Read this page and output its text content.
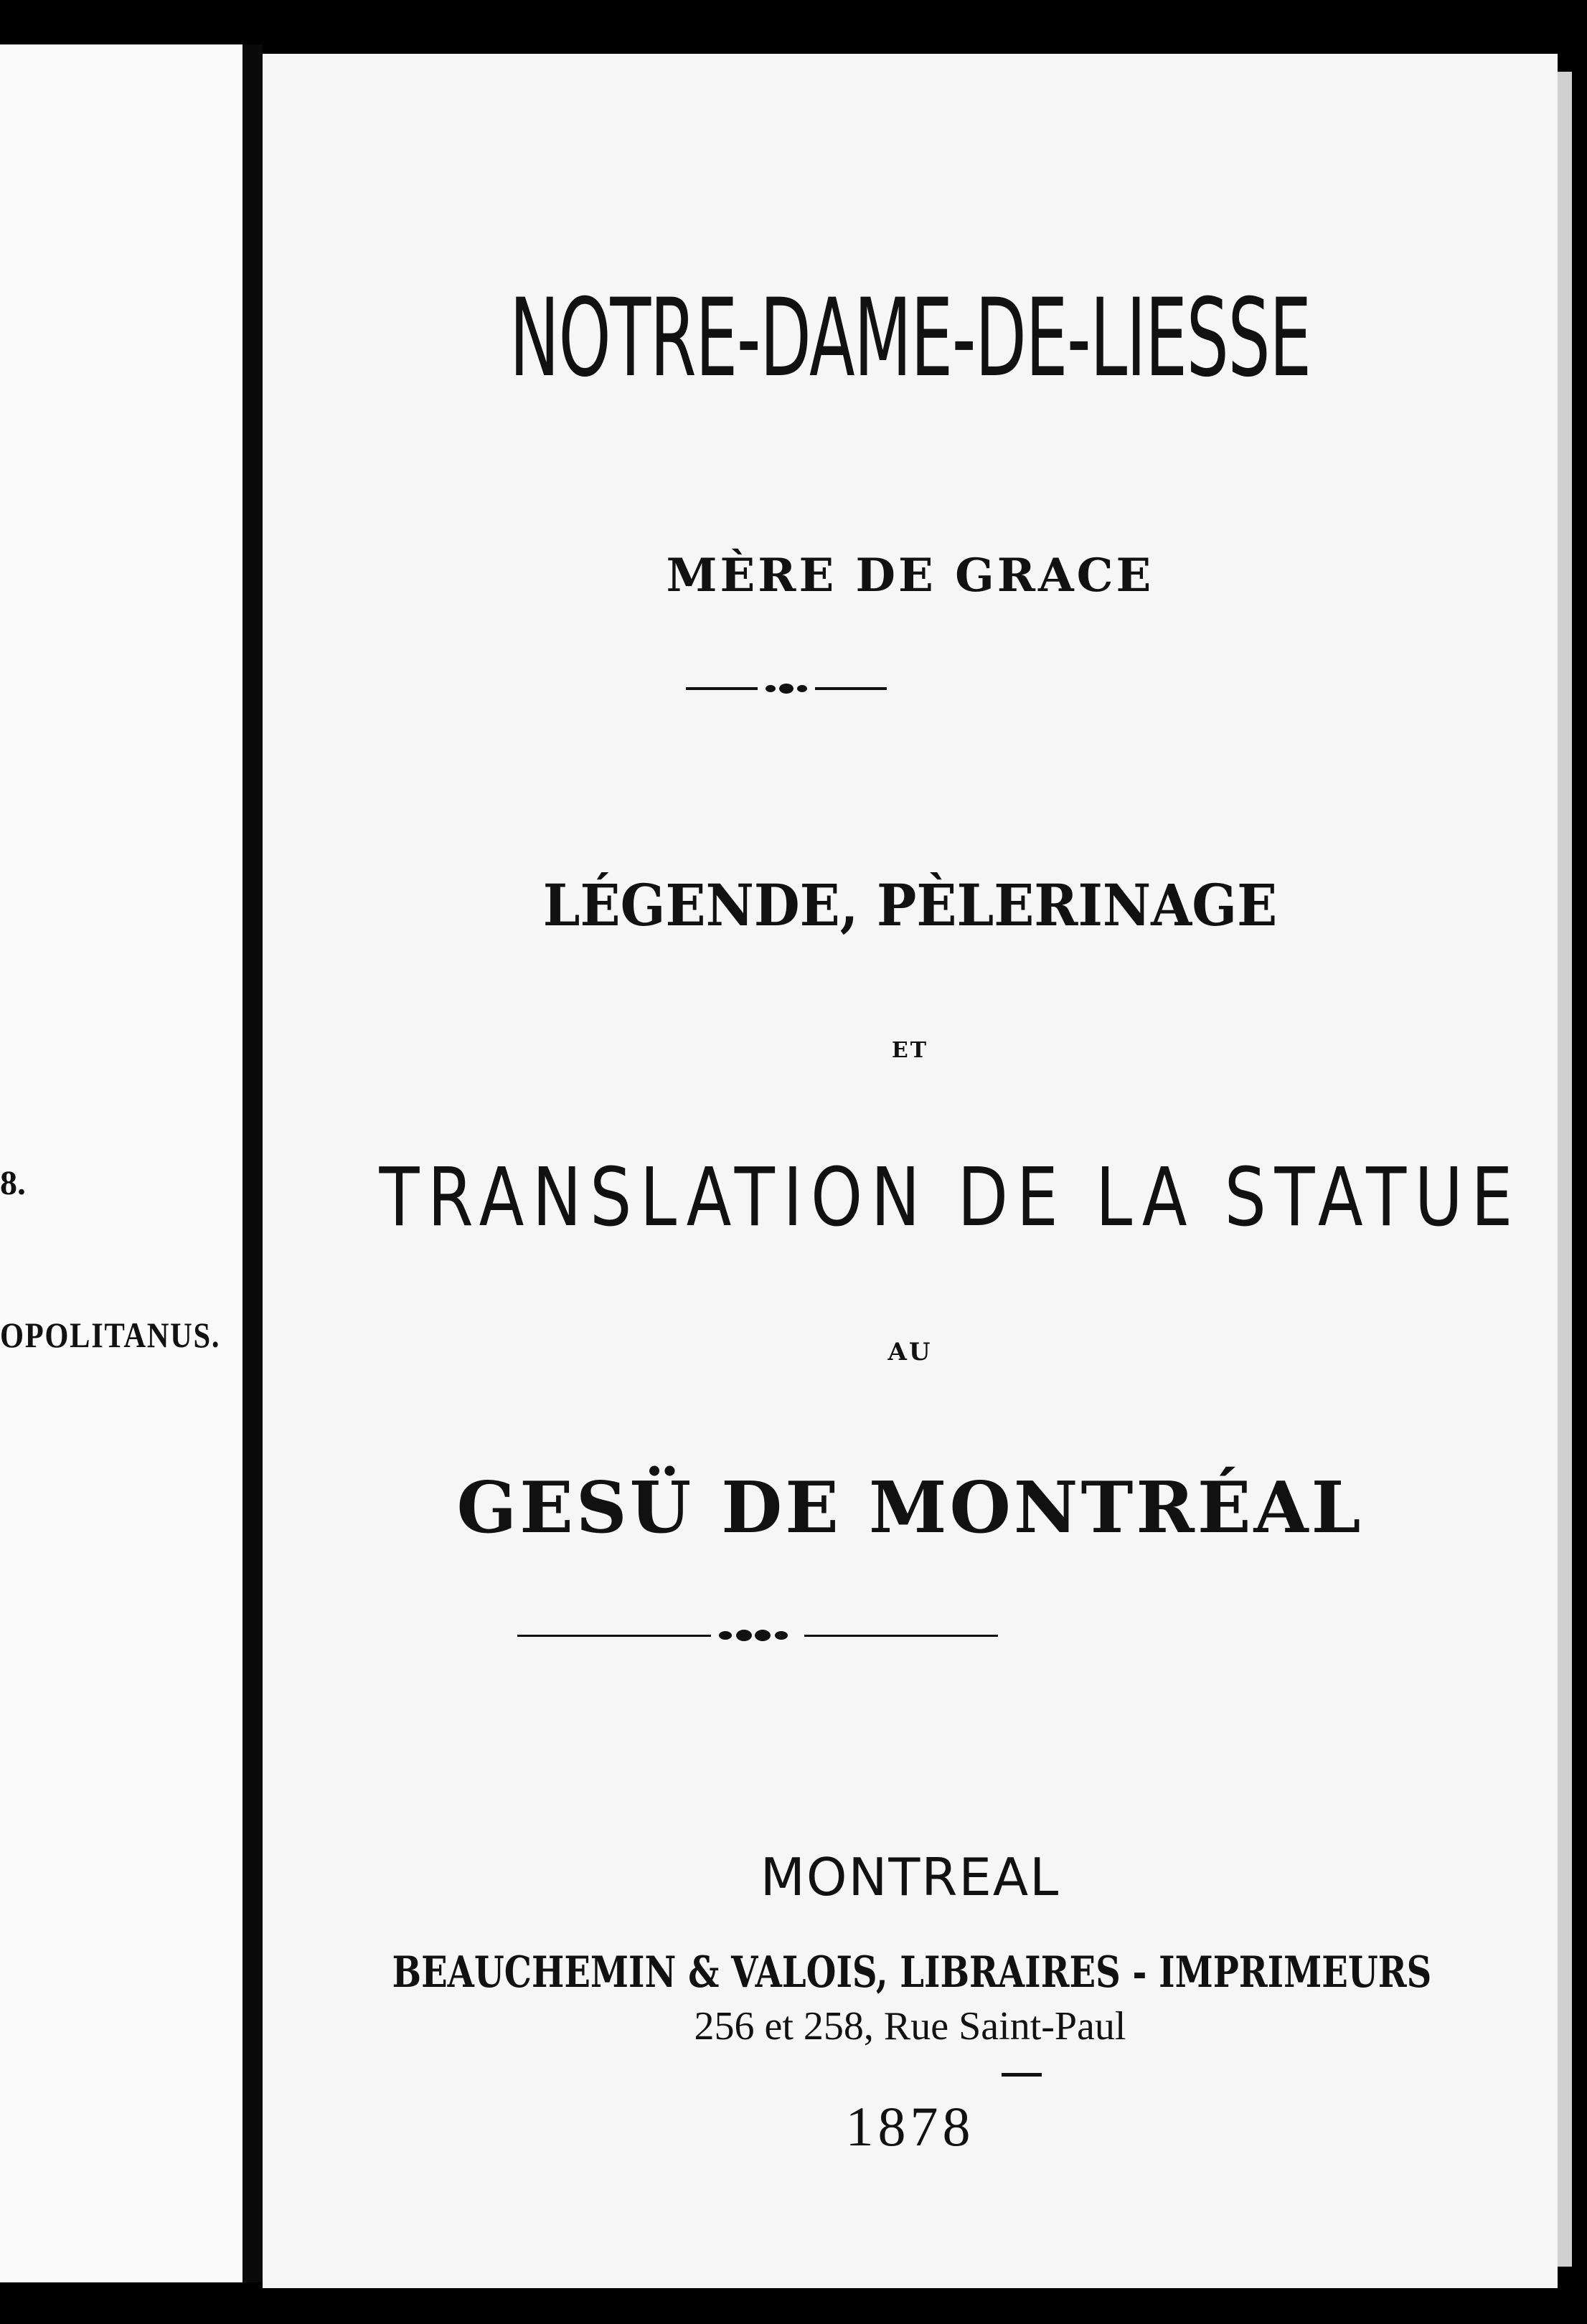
8.
OPOLITANUS.
NOTRE-DAME-DE-LIESSE
MÈRE DE GRACE
LÉGENDE, PÈLERINAGE
ET
TRANSLATION DE LA STATUE
AU
GESÜ DE MONTRÉAL
MONTREAL
BEAUCHEMIN & VALOIS, LIBRAIRES - IMPRIMEURS
256 et 258, Rue Saint-Paul
1878
